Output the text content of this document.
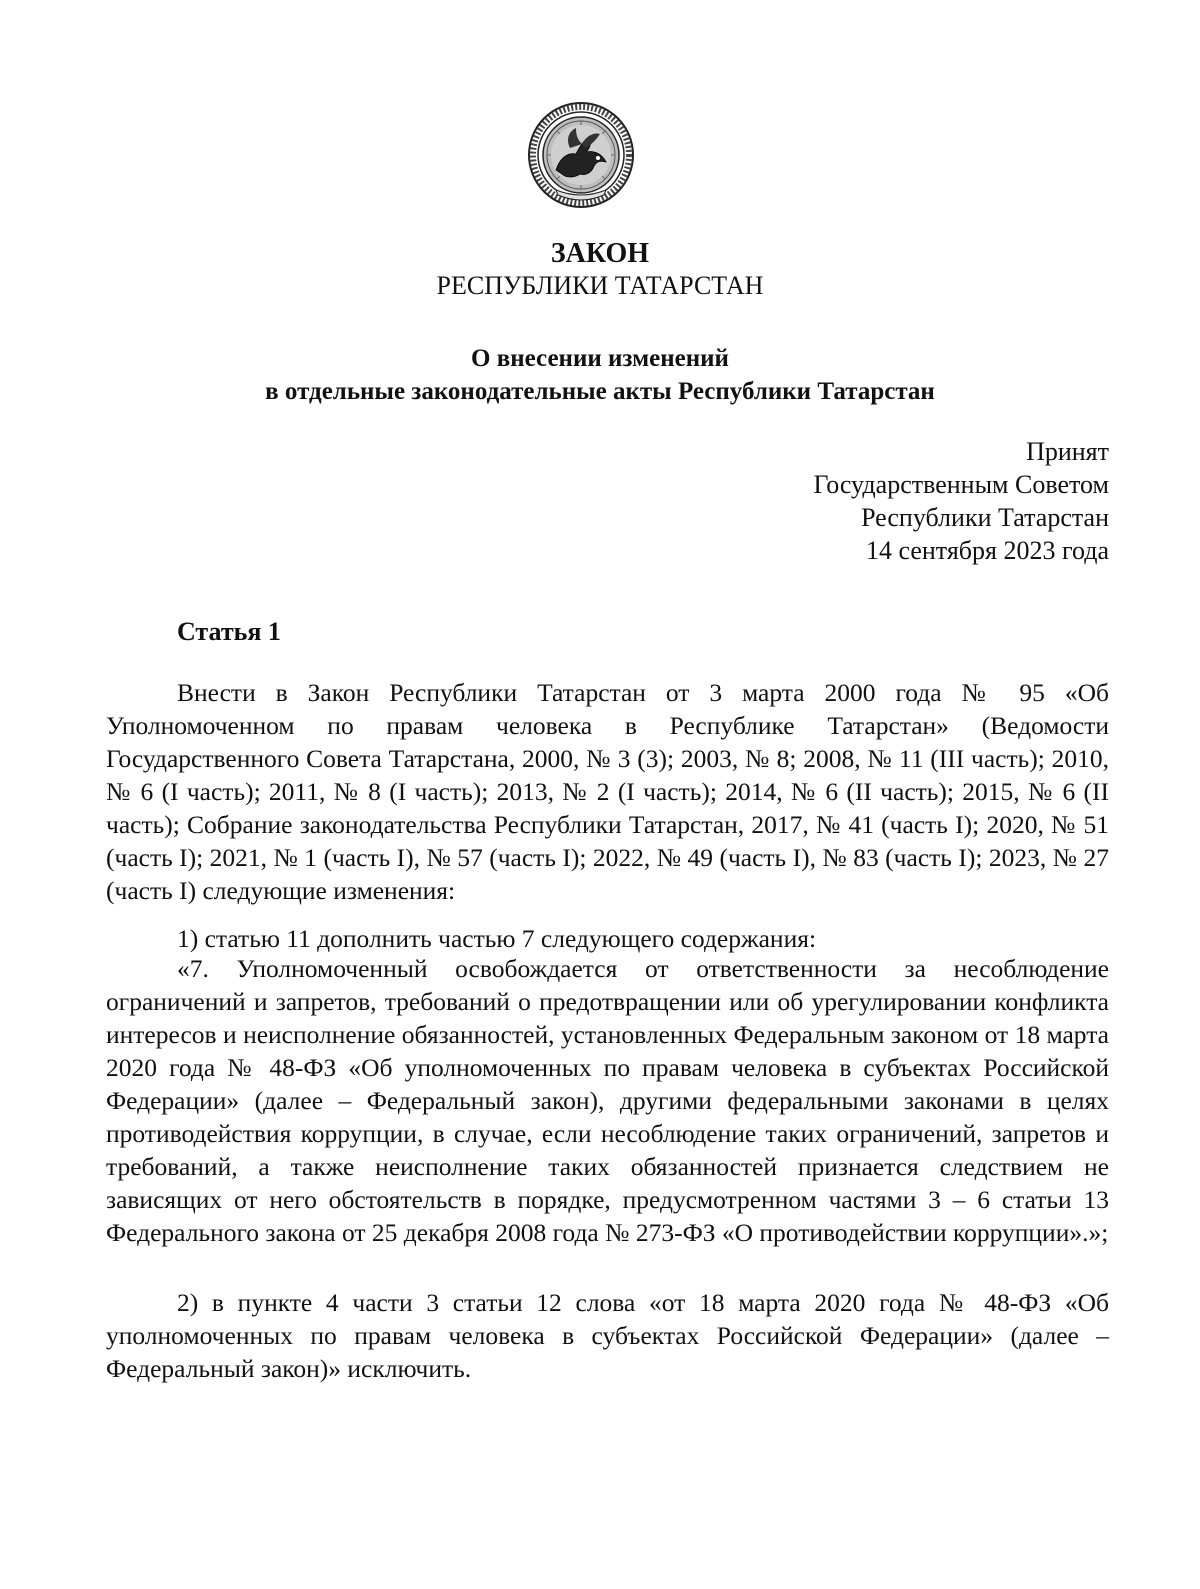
ЗАКОН
РЕСПУБЛИКИ ТАТАРСТАН
О внесении изменений
в отдельные законодательные акты Республики Татарстан
Принят
Государственным Советом
Республики Татарстан
14 сентября 2023 года
Статья 1

Внести в Закон Республики Татарстан от 3 марта 2000 года № 95 «Об Уполномоченном по правам человека в Республике Татарстан» (Ведомости Государственного Совета Татарстана, 2000, № 3 (3); 2003, № 8; 2008, № 11 (III часть); 2010, № 6 (I часть); 2011, № 8 (I часть); 2013, № 2 (I часть); 2014, № 6 (II часть); 2015, № 6 (II часть); Собрание законодательства Республики Татарстан, 2017, № 41 (часть I); 2020, № 51 (часть I); 2021, № 1 (часть I), № 57 (часть I); 2022, № 49 (часть I), № 83 (часть I); 2023, № 27 (часть I) следующие изменения:

1) статью 11 дополнить частью 7 следующего содержания:

«7. Уполномоченный освобождается от ответственности за несоблюдение ограничений и запретов, требований о предотвращении или об урегулировании конфликта интересов и неисполнение обязанностей, установленных Федеральным законом от 18 марта 2020 года № 48-ФЗ «Об уполномоченных по правам человека в субъектах Российской Федерации» (далее – Федеральный закон), другими федеральными законами в целях противодействия коррупции, в случае, если несоблюдение таких ограничений, запретов и требований, а также неисполнение таких обязанностей признается следствием не зависящих от него обстоятельств в порядке, предусмотренном частями 3 – 6 статьи 13 Федерального закона от 25 декабря 2008 года № 273-ФЗ «О противодействии коррупции».»;

2) в пункте 4 части 3 статьи 12 слова «от 18 марта 2020 года № 48-ФЗ «Об уполномоченных по правам человека в субъектах Российской Федерации» (далее – Федеральный закон)» исключить.
